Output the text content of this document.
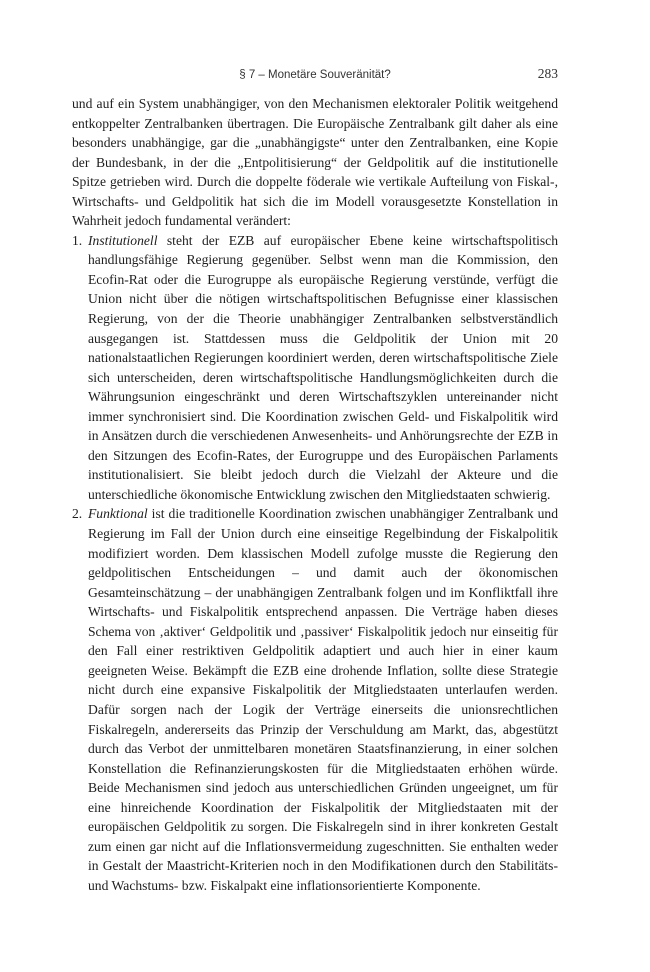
§ 7 – Monetäre Souveränität?	283

und auf ein System unabhängiger, von den Mechanismen elektoraler Politik weitgehend entkoppelter Zentralbanken übertragen. Die Europäische Zentralbank gilt daher als eine besonders unabhängige, gar die „unabhängigste“ unter den Zentralbanken, eine Kopie der Bundesbank, in der die „Entpolitisierung“ der Geldpolitik auf die institutionelle Spitze getrieben wird. Durch die doppelte föderale wie vertikale Aufteilung von Fiskal-, Wirtschafts- und Geldpolitik hat sich die im Modell vorausgesetzte Konstellation in Wahrheit jedoch fundamental verändert:

1. Institutionell steht der EZB auf europäischer Ebene keine wirtschaftspolitisch handlungsfähige Regierung gegenüber. Selbst wenn man die Kommission, den Ecofin-Rat oder die Eurogruppe als europäische Regierung verstünde, verfügt die Union nicht über die nötigen wirtschaftspolitischen Befugnisse einer klassischen Regierung, von der die Theorie unabhängiger Zentralbanken selbstverständlich ausgegangen ist. Stattdessen muss die Geldpolitik der Union mit 20 nationalstaatlichen Regierungen koordiniert werden, deren wirtschaftspolitische Ziele sich unterscheiden, deren wirtschaftspolitische Handlungsmöglichkeiten durch die Währungsunion eingeschränkt und deren Wirtschaftszyklen untereinander nicht immer synchronisiert sind. Die Koordination zwischen Geld- und Fiskalpolitik wird in Ansätzen durch die verschiedenen Anwesenheits- und Anhörungsrechte der EZB in den Sitzungen des Ecofin-Rates, der Eurogruppe und des Europäischen Parlaments institutionalisiert. Sie bleibt jedoch durch die Vielzahl der Akteure und die unterschiedliche ökonomische Entwicklung zwischen den Mitgliedstaaten schwierig.
2. Funktional ist die traditionelle Koordination zwischen unabhängiger Zentralbank und Regierung im Fall der Union durch eine einseitige Regelbindung der Fiskalpolitik modifiziert worden. Dem klassischen Modell zufolge musste die Regierung den geldpolitischen Entscheidungen – und damit auch der ökonomischen Gesamteinschätzung – der unabhängigen Zentralbank folgen und im Konfliktfall ihre Wirtschafts- und Fiskalpolitik entsprechend anpassen. Die Verträge haben dieses Schema von ‚aktiver‘ Geldpolitik und ‚passiver‘ Fiskalpolitik jedoch nur einseitig für den Fall einer restriktiven Geldpolitik adaptiert und auch hier in einer kaum geeigneten Weise. Bekämpft die EZB eine drohende Inflation, sollte diese Strategie nicht durch eine expansive Fiskalpolitik der Mitgliedstaaten unterlaufen werden. Dafür sorgen nach der Logik der Verträge einerseits die unionsrechtlichen Fiskalregeln, andererseits das Prinzip der Verschuldung am Markt, das, abgestützt durch das Verbot der unmittelbaren monetären Staatsfinanzierung, in einer solchen Konstellation die Refinanzierungskosten für die Mitgliedstaaten erhöhen würde. Beide Mechanismen sind jedoch aus unterschiedlichen Gründen ungeeignet, um für eine hinreichende Koordination der Fiskalpolitik der Mitgliedstaaten mit der europäischen Geldpolitik zu sorgen. Die Fiskalregeln sind in ihrer konkreten Gestalt zum einen gar nicht auf die Inflationsvermeidung zugeschnitten. Sie enthalten weder in Gestalt der Maastricht-Kriterien noch in den Modifikationen durch den Stabilitäts- und Wachstums- bzw. Fiskalpakt eine inflationsorientierte Komponente.
